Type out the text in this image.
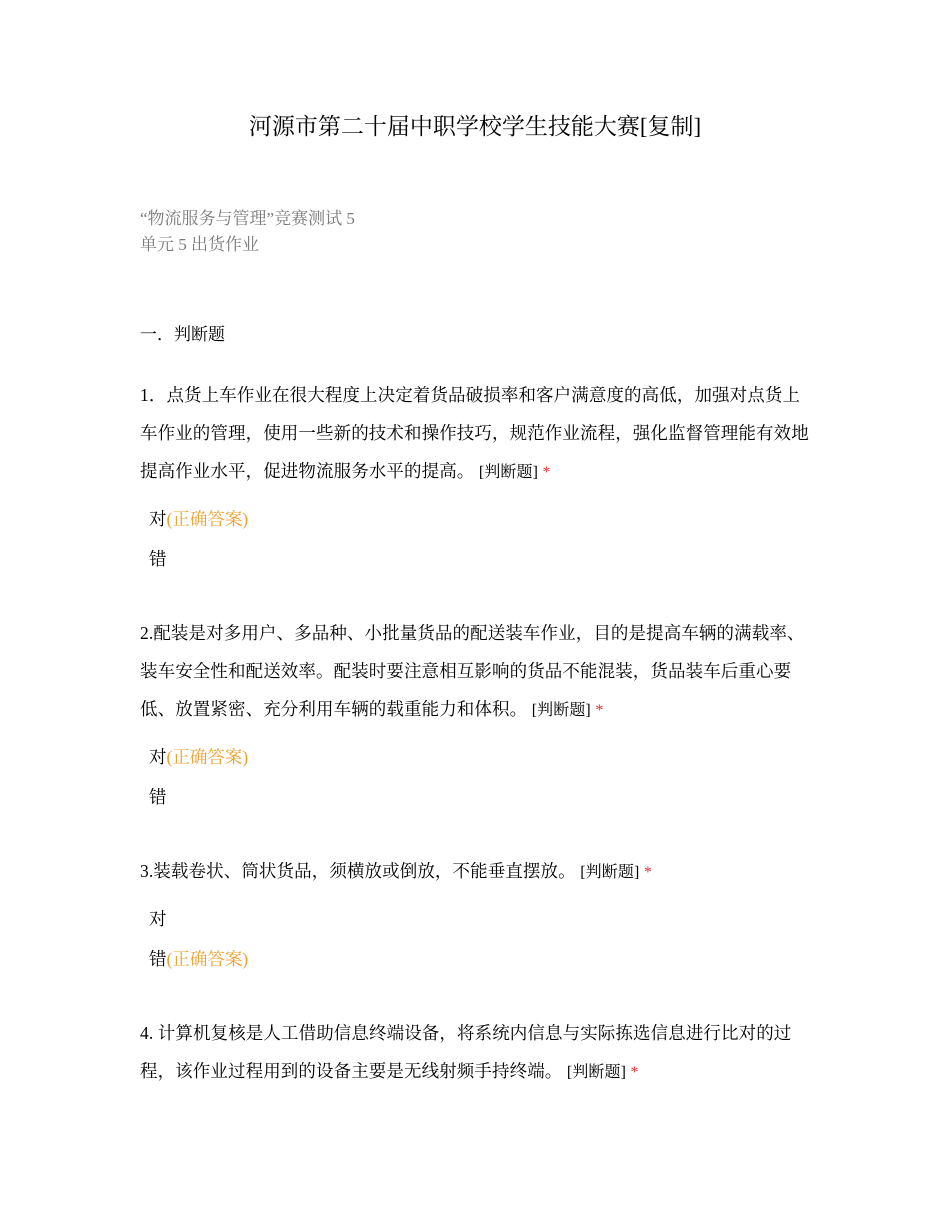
河源市第二十届中职学校学生技能大赛[复制]
“物流服务与管理”竞赛测试 5
单元 5 出货作业
一．判断题

1．点货上车作业在很大程度上决定着货品破损率和客户满意度的高低，加强对点货上车作业的管理，使用一些新的技术和操作技巧，规范作业流程，强化监督管理能有效地提高作业水平，促进物流服务水平的提高。 [判断题] *

对(正确答案)
错

2.配装是对多用户、多品种、小批量货品的配送装车作业，目的是提高车辆的满载率、装车安全性和配送效率。配装时要注意相互影响的货品不能混装，货品装车后重心要低、放置紧密、充分利用车辆的载重能力和体积。 [判断题] *

对(正确答案)
错

3.装载卷状、筒状货品，须横放或倒放，不能垂直摆放。 [判断题] *

对
错(正确答案)

4. 计算机复核是人工借助信息终端设备，将系统内信息与实际拣选信息进行比对的过程，该作业过程用到的设备主要是无线射频手持终端。 [判断题] *
